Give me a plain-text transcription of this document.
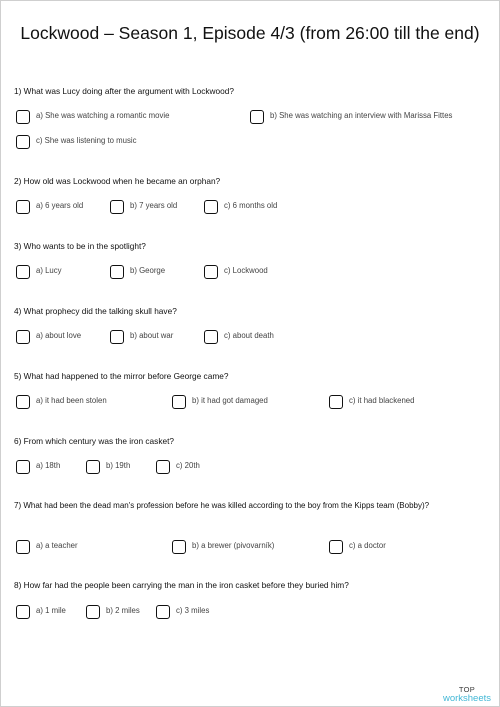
Lockwood – Season 1, Episode 4/3 (from 26:00 till the end)
1) What was Lucy doing after the argument with Lockwood?
a) She was watching a romantic movie	b) She was watching an interview with Marissa Fittes
c) She was listening to music
2) How old was Lockwood when he became an orphan?
a) 6 years old	b) 7 years old	c) 6 months old
3) Who wants to be in the spotlight?
a) Lucy	b) George	c) Lockwood
4) What prophecy did the talking skull have?
a) about love	b) about war	c) about death
5) What had happened to the mirror before George came?
a) it had been stolen	b) it had got damaged	c) it had blackened
6) From which century was the iron casket?
a) 18th	b) 19th	c) 20th
7) What had been the dead man's profession before he was killed according to the boy from the Kipps team (Bobby)?
a) a teacher	b) a brewer (pivovarník)	c) a doctor
8) How far had the people been carrying the man in the iron casket before they buried him?
a) 1 mile	b) 2 miles	c) 3 miles
TOP
worksheets
